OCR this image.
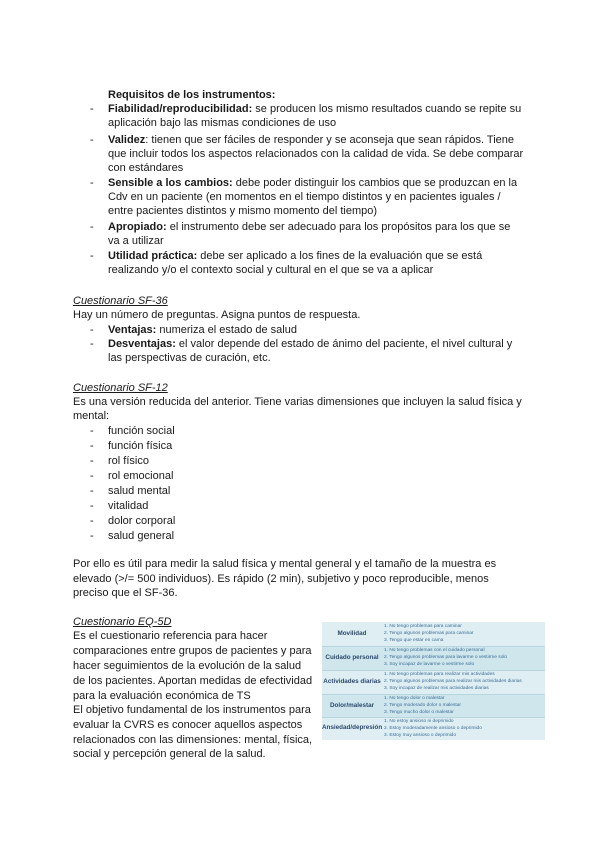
Requisitos de los instrumentos:
- Fiabilidad/reproducibilidad: se producen los mismo resultados cuando se repite su
aplicación bajo las mismas condiciones de uso
- Validez: tienen que ser fáciles de responder y se aconseja que sean rápidos. Tiene
que incluir todos los aspectos relacionados con la calidad de vida. Se debe comparar
con estándares
- Sensible a los cambios: debe poder distinguir los cambios que se produzcan en la
Cdv en un paciente (en momentos en el tiempo distintos y en pacientes iguales /
entre pacientes distintos y mismo momento del tiempo)
- Apropiado: el instrumento debe ser adecuado para los propósitos para los que se
va a utilizar
- Utilidad práctica: debe ser aplicado a los fines de la evaluación que se está
realizando y/o el contexto social y cultural en el que se va a aplicar
Cuestionario SF-36
Hay un número de preguntas. Asigna puntos de respuesta.
- Ventajas: numeriza el estado de salud
- Desventajas: el valor depende del estado de ánimo del paciente, el nivel cultural y
las perspectivas de curación, etc.
Cuestionario SF-12
Es una versión reducida del anterior. Tiene varias dimensiones que incluyen la salud física y
mental:
- función social
- función física
- rol físico
- rol emocional
- salud mental
- vitalidad
- dolor corporal
- salud general
Por ello es útil para medir la salud física y mental general y el tamaño de la muestra es
elevado (>/= 500 individuos). Es rápido (2 min), subjetivo y poco reproducible, menos
preciso que el SF-36.
Cuestionario EQ-5D
Es el cuestionario referencia para hacer
comparaciones entre grupos de pacientes y para
hacer seguimientos de la evolución de la salud
de los pacientes. Aportan medidas de efectividad
para la evaluación económica de TS
El objetivo fundamental de los instrumentos para
evaluar la CVRS es conocer aquellos aspectos
relacionados con las dimensiones: mental, física,
social y percepción general de la salud.
Movilidad
1. No tengo problemas para caminar
2. Tengo algunos problemas para caminar
3. Tengo que estar en cama
Cuidado personal
1. No tengo problemas con el cuidado personal
2. Tengo algunos problemas para lavarme o vestirme solo
3. Soy incapaz de lavarme o vestirme solo
Actividades diarias
1. No tengo problemas para realizar mis actividades
2. Tengo algunos problemas para realizar mis actividades diarias
3. Soy incapaz de realizar mis actividades diarias
Dolor/malestar
1. No tengo dolor o malestar
2. Tengo moderado dolor o malestar
3. Tengo mucho dolor o malestar
Ansiedad/depresión
1. No estoy ansioso ni deprimido
2. Estoy moderadamente ansioso o deprimido
3. Estoy muy ansioso o deprimido
